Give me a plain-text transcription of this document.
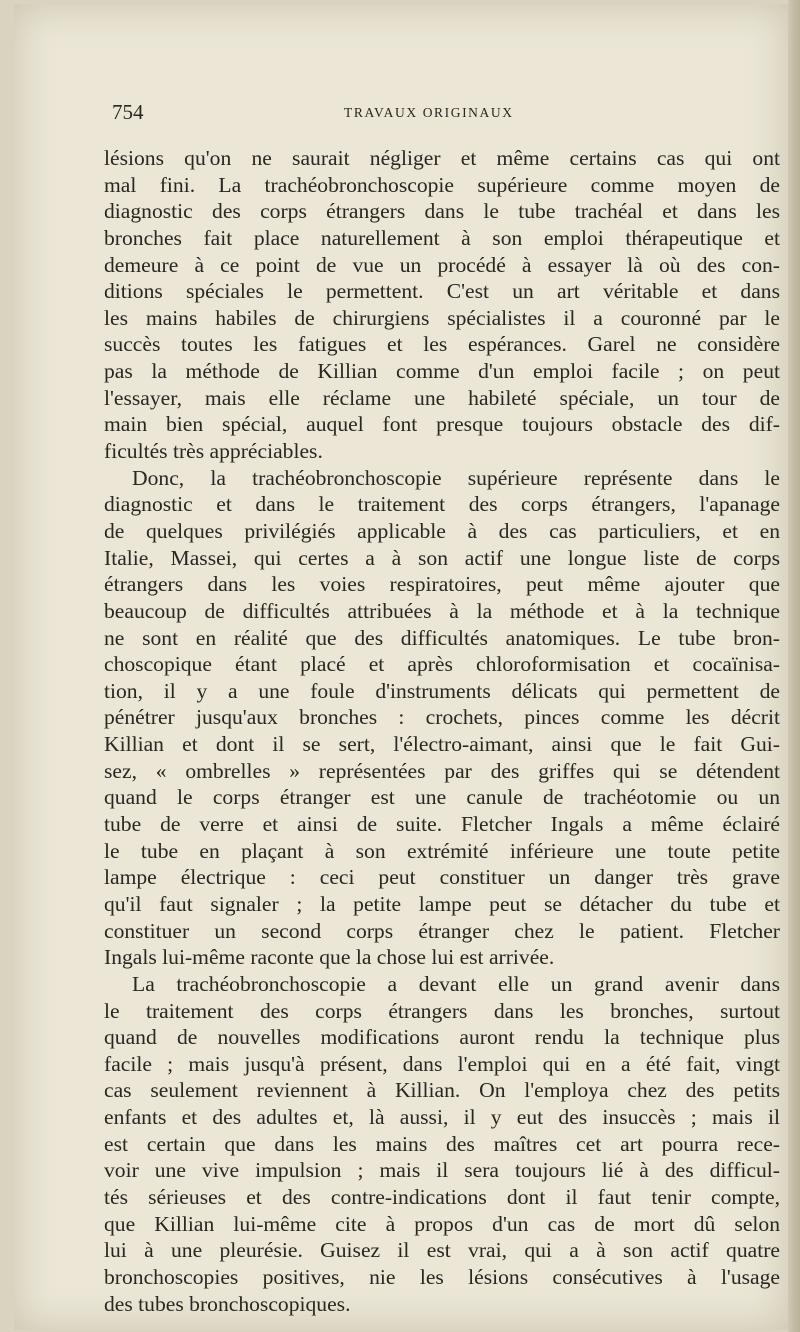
754	TRAVAUX ORIGINAUX
lésions qu'on ne saurait négliger et même certains cas qui ont
mal fini. La trachéobronchoscopie supérieure comme moyen de
diagnostic des corps étrangers dans le tube trachéal et dans les
bronches fait place naturellement à son emploi thérapeutique et
demeure à ce point de vue un procédé à essayer là où des con-
ditions spéciales le permettent. C'est un art véritable et dans
les mains habiles de chirurgiens spécialistes il a couronné par le
succès toutes les fatigues et les espérances. Garel ne considère
pas la méthode de Killian comme d'un emploi facile ; on peut
l'essayer, mais elle réclame une habileté spéciale, un tour de
main bien spécial, auquel font presque toujours obstacle des dif-
ficultés très appréciables.
Donc, la trachéobronchoscopie supérieure représente dans le
diagnostic et dans le traitement des corps étrangers, l'apanage
de quelques privilégiés applicable à des cas particuliers, et en
Italie, Massei, qui certes a à son actif une longue liste de corps
étrangers dans les voies respiratoires, peut même ajouter que
beaucoup de difficultés attribuées à la méthode et à la technique
ne sont en réalité que des difficultés anatomiques. Le tube bron-
choscopique étant placé et après chloroformisation et cocaïnisa-
tion, il y a une foule d'instruments délicats qui permettent de
pénétrer jusqu'aux bronches : crochets, pinces comme les décrit
Killian et dont il se sert, l'électro-aimant, ainsi que le fait Gui-
sez, « ombrelles » représentées par des griffes qui se détendent
quand le corps étranger est une canule de trachéotomie ou un
tube de verre et ainsi de suite. Fletcher Ingals a même éclairé
le tube en plaçant à son extrémité inférieure une toute petite
lampe électrique : ceci peut constituer un danger très grave
qu'il faut signaler ; la petite lampe peut se détacher du tube et
constituer un second corps étranger chez le patient. Fletcher
Ingals lui-même raconte que la chose lui est arrivée.
La trachéobronchoscopie a devant elle un grand avenir dans
le traitement des corps étrangers dans les bronches, surtout
quand de nouvelles modifications auront rendu la technique plus
facile ; mais jusqu'à présent, dans l'emploi qui en a été fait, vingt
cas seulement reviennent à Killian. On l'employa chez des petits
enfants et des adultes et, là aussi, il y eut des insuccès ; mais il
est certain que dans les mains des maîtres cet art pourra rece-
voir une vive impulsion ; mais il sera toujours lié à des difficul-
tés sérieuses et des contre-indications dont il faut tenir compte,
que Killian lui-même cite à propos d'un cas de mort dû selon
lui à une pleurésie. Guisez il est vrai, qui a à son actif quatre
bronchoscopies positives, nie les lésions consécutives à l'usage
des tubes bronchoscopiques.
